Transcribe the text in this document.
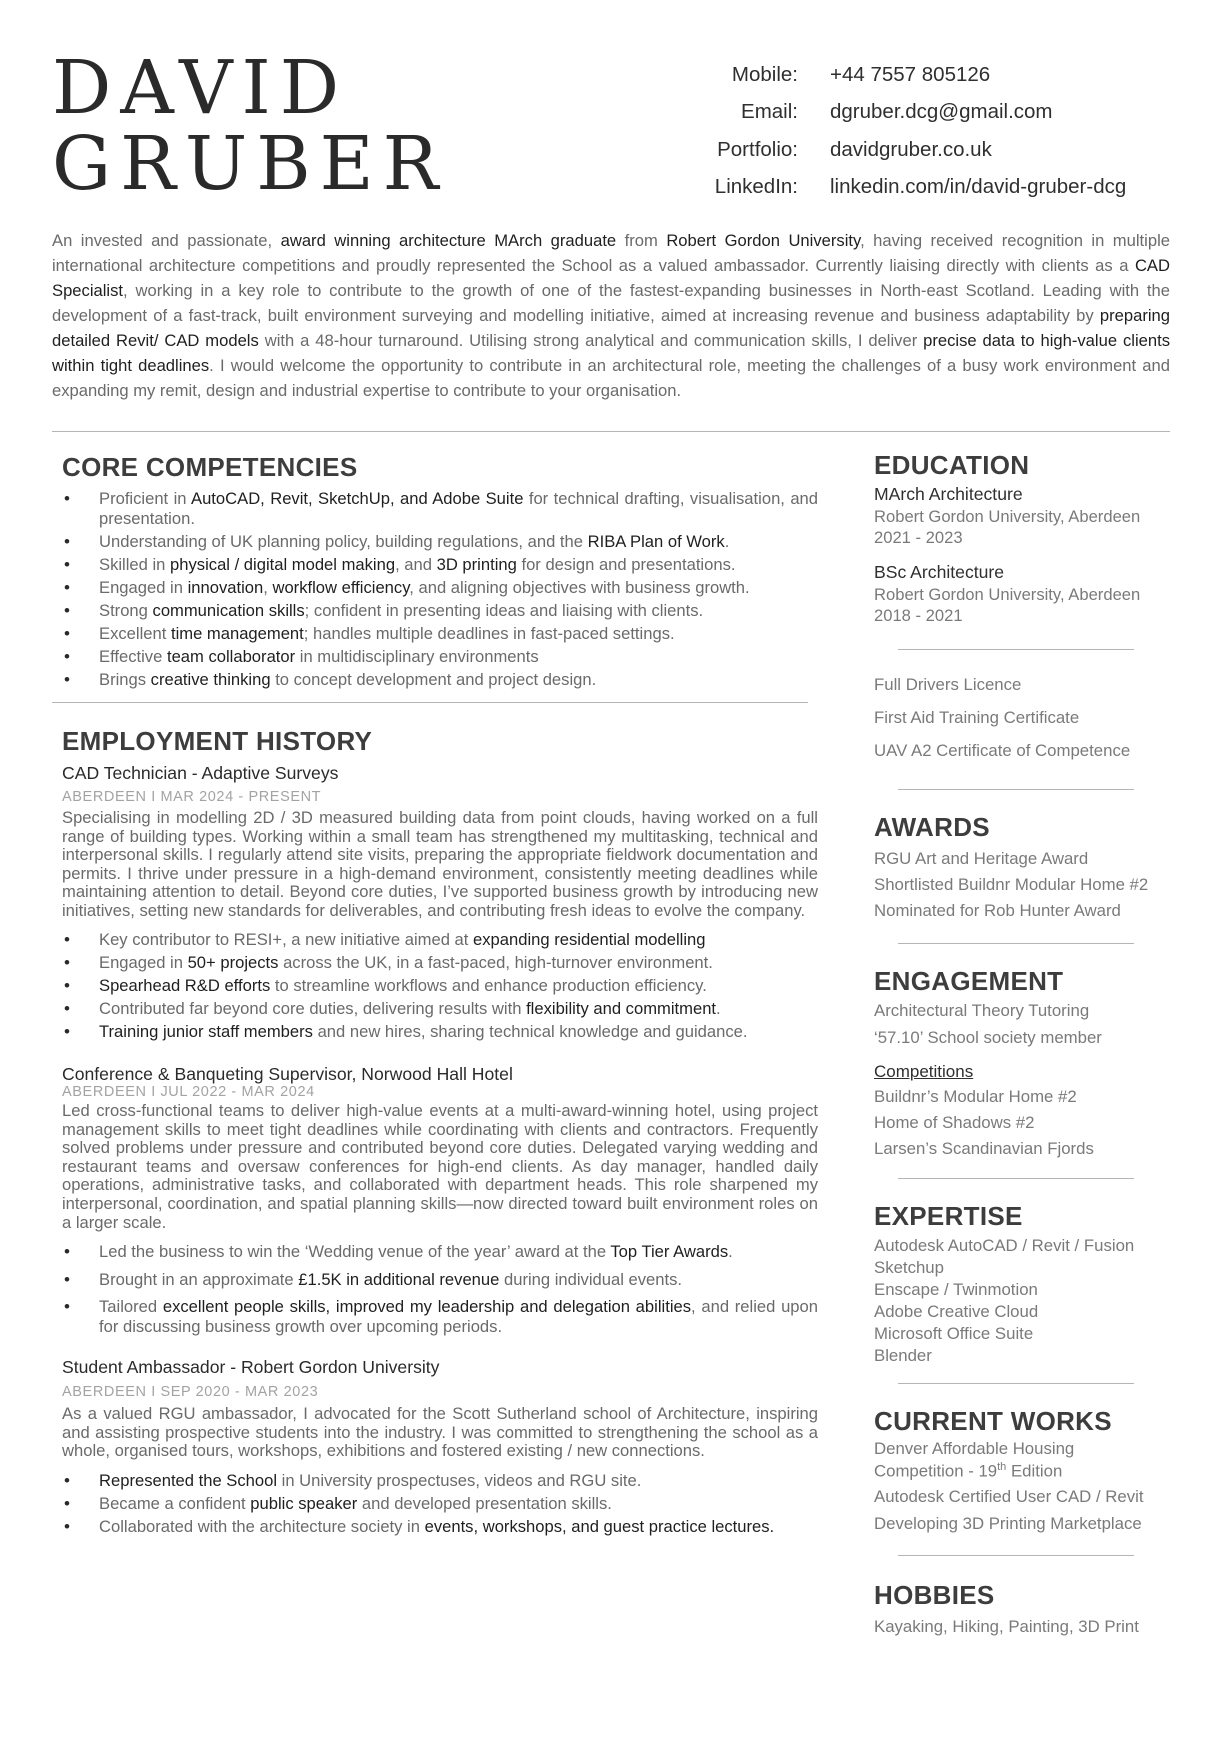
DAVID
GRUBER
Mobile:	+44 7557 805126
Email:	dgruber.dcg@gmail.com
Portfolio:	davidgruber.co.uk
LinkedIn:	linkedin.com/in/david-gruber-dcg

An invested and passionate, award winning architecture MArch graduate from Robert Gordon University, having received recognition in multiple international architecture competitions and proudly represented the School as a valued ambassador. Currently liaising directly with clients as a CAD Specialist, working in a key role to contribute to the growth of one of the fastest-expanding businesses in North-east Scotland. Leading with the development of a fast-track, built environment surveying and modelling initiative, aimed at increasing revenue and business adaptability by preparing detailed Revit/ CAD models with a 48-hour turnaround. Utilising strong analytical and communication skills, I deliver precise data to high-value clients within tight deadlines. I would welcome the opportunity to contribute in an architectural role, meeting the challenges of a busy work environment and expanding my remit, design and industrial expertise to contribute to your organisation.

CORE COMPETENCIES
• Proficient in AutoCAD, Revit, SketchUp, and Adobe Suite for technical drafting, visualisation, and presentation.
• Understanding of UK planning policy, building regulations, and the RIBA Plan of Work.
• Skilled in physical / digital model making, and 3D printing for design and presentations.
• Engaged in innovation, workflow efficiency, and aligning objectives with business growth.
• Strong communication skills; confident in presenting ideas and liaising with clients.
• Excellent time management; handles multiple deadlines in fast-paced settings.
• Effective team collaborator in multidisciplinary environments
• Brings creative thinking to concept development and project design.
EMPLOYMENT HISTORY
CAD Technician - Adaptive Surveys
ABERDEEN I MAR 2024 - PRESENT

Specialising in modelling 2D / 3D measured building data from point clouds, having worked on a full range of building types. Working within a small team has strengthened my multitasking, technical and interpersonal skills. I regularly attend site visits, preparing the appropriate fieldwork documentation and permits. I thrive under pressure in a high-demand environment, consistently meeting deadlines while maintaining attention to detail. Beyond core duties, I’ve supported business growth by introducing new initiatives, setting new standards for deliverables, and contributing fresh ideas to evolve the company.

• Key contributor to RESI+, a new initiative aimed at expanding residential modelling
• Engaged in 50+ projects across the UK, in a fast-paced, high-turnover environment.
• Spearhead R&D efforts to streamline workflows and enhance production efficiency.
• Contributed far beyond core duties, delivering results with flexibility and commitment.
• Training junior staff members and new hires, sharing technical knowledge and guidance.
Conference & Banqueting Supervisor, Norwood Hall Hotel
ABERDEEN I JUL 2022 - MAR 2024

Led cross-functional teams to deliver high-value events at a multi-award-winning hotel, using project management skills to meet tight deadlines while coordinating with clients and contractors. Frequently solved problems under pressure and contributed beyond core duties. Delegated varying wedding and restaurant teams and oversaw conferences for high-end clients. As day manager, handled daily operations, administrative tasks, and collaborated with department heads. This role sharpened my interpersonal, coordination, and spatial planning skills—now directed toward built environment roles on a larger scale.

• Led the business to win the ‘Wedding venue of the year’ award at the Top Tier Awards.
• Brought in an approximate £1.5K in additional revenue during individual events.
• Tailored excellent people skills, improved my leadership and delegation abilities, and relied upon for discussing business growth over upcoming periods.
Student Ambassador - Robert Gordon University
ABERDEEN I SEP 2020 - MAR 2023

As a valued RGU ambassador, I advocated for the Scott Sutherland school of Architecture, inspiring and assisting prospective students into the industry. I was committed to strengthening the school as a whole, organised tours, workshops, exhibitions and fostered existing / new connections.

• Represented the School in University prospectuses, videos and RGU site.
• Became a confident public speaker and developed presentation skills.
• Collaborated with the architecture society in events, workshops, and guest practice lectures.
EDUCATION
MArch Architecture
Robert Gordon University, Aberdeen
2021 - 2023
BSc Architecture
Robert Gordon University, Aberdeen
2018 - 2021
Full Drivers Licence
First Aid Training Certificate
UAV A2 Certificate of Competence
AWARDS
RGU Art and Heritage Award
Shortlisted Buildnr Modular Home #2
Nominated for Rob Hunter Award
ENGAGEMENT
Architectural Theory Tutoring
‘57.10’ School society member
Competitions
Buildnr’s Modular Home #2
Home of Shadows #2
Larsen’s Scandinavian Fjords
EXPERTISE
Autodesk AutoCAD / Revit / Fusion
Sketchup
Enscape / Twinmotion
Adobe Creative Cloud
Microsoft Office Suite
Blender
CURRENT WORKS
Denver Affordable Housing Competition - 19th Edition
Autodesk Certified User CAD / Revit
Developing 3D Printing Marketplace
HOBBIES
Kayaking, Hiking, Painting, 3D Print
